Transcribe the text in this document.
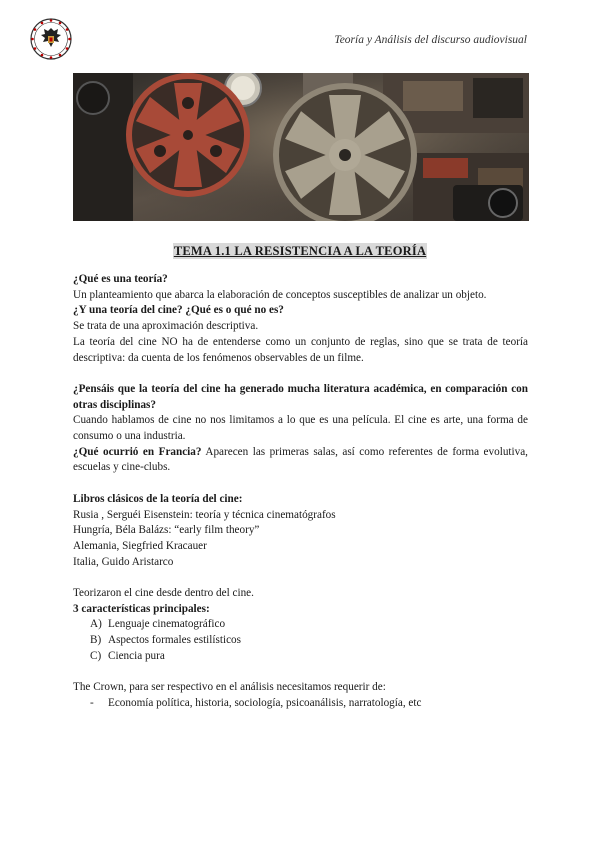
Teoría y Análisis del discurso audiovisual
TEMA 1.1 LA RESISTENCIA A LA TEORÍA

¿Qué es una teoría?

Un planteamiento que abarca la elaboración de conceptos susceptibles de analizar un objeto.

¿Y una teoría del cine? ¿Qué es o qué no es?

Se trata de una aproximación descriptiva.

La teoría del cine NO ha de entenderse como un conjunto de reglas, sino que se trata de teoría descriptiva: da cuenta de los fenómenos observables de un filme.

¿Pensáis que la teoría del cine ha generado mucha literatura académica, en comparación con otras disciplinas?

Cuando hablamos de cine no nos limitamos a lo que es una película. El cine es arte, una forma de consumo o una industria.

¿Qué ocurrió en Francia? Aparecen las primeras salas, así como referentes de forma evolutiva, escuelas y cine-clubs.

Libros clásicos de la teoría del cine:

Rusia , Serguéi Eisenstein: teoría y técnica cinematógrafos

Hungría, Béla Balázs: “early film theory”

Alemania, Siegfried Kracauer

Italia, Guido Aristarco

Teorizaron el cine desde dentro del cine.

3 características principales:

A) Lenguaje cinematográfico
B) Aspectos formales estilísticos
C) Ciencia pura

The Crown, para ser respectivo en el análisis necesitamos requerir de:

-	Economía política, historia, sociología, psicoanálisis, narratología, etc
